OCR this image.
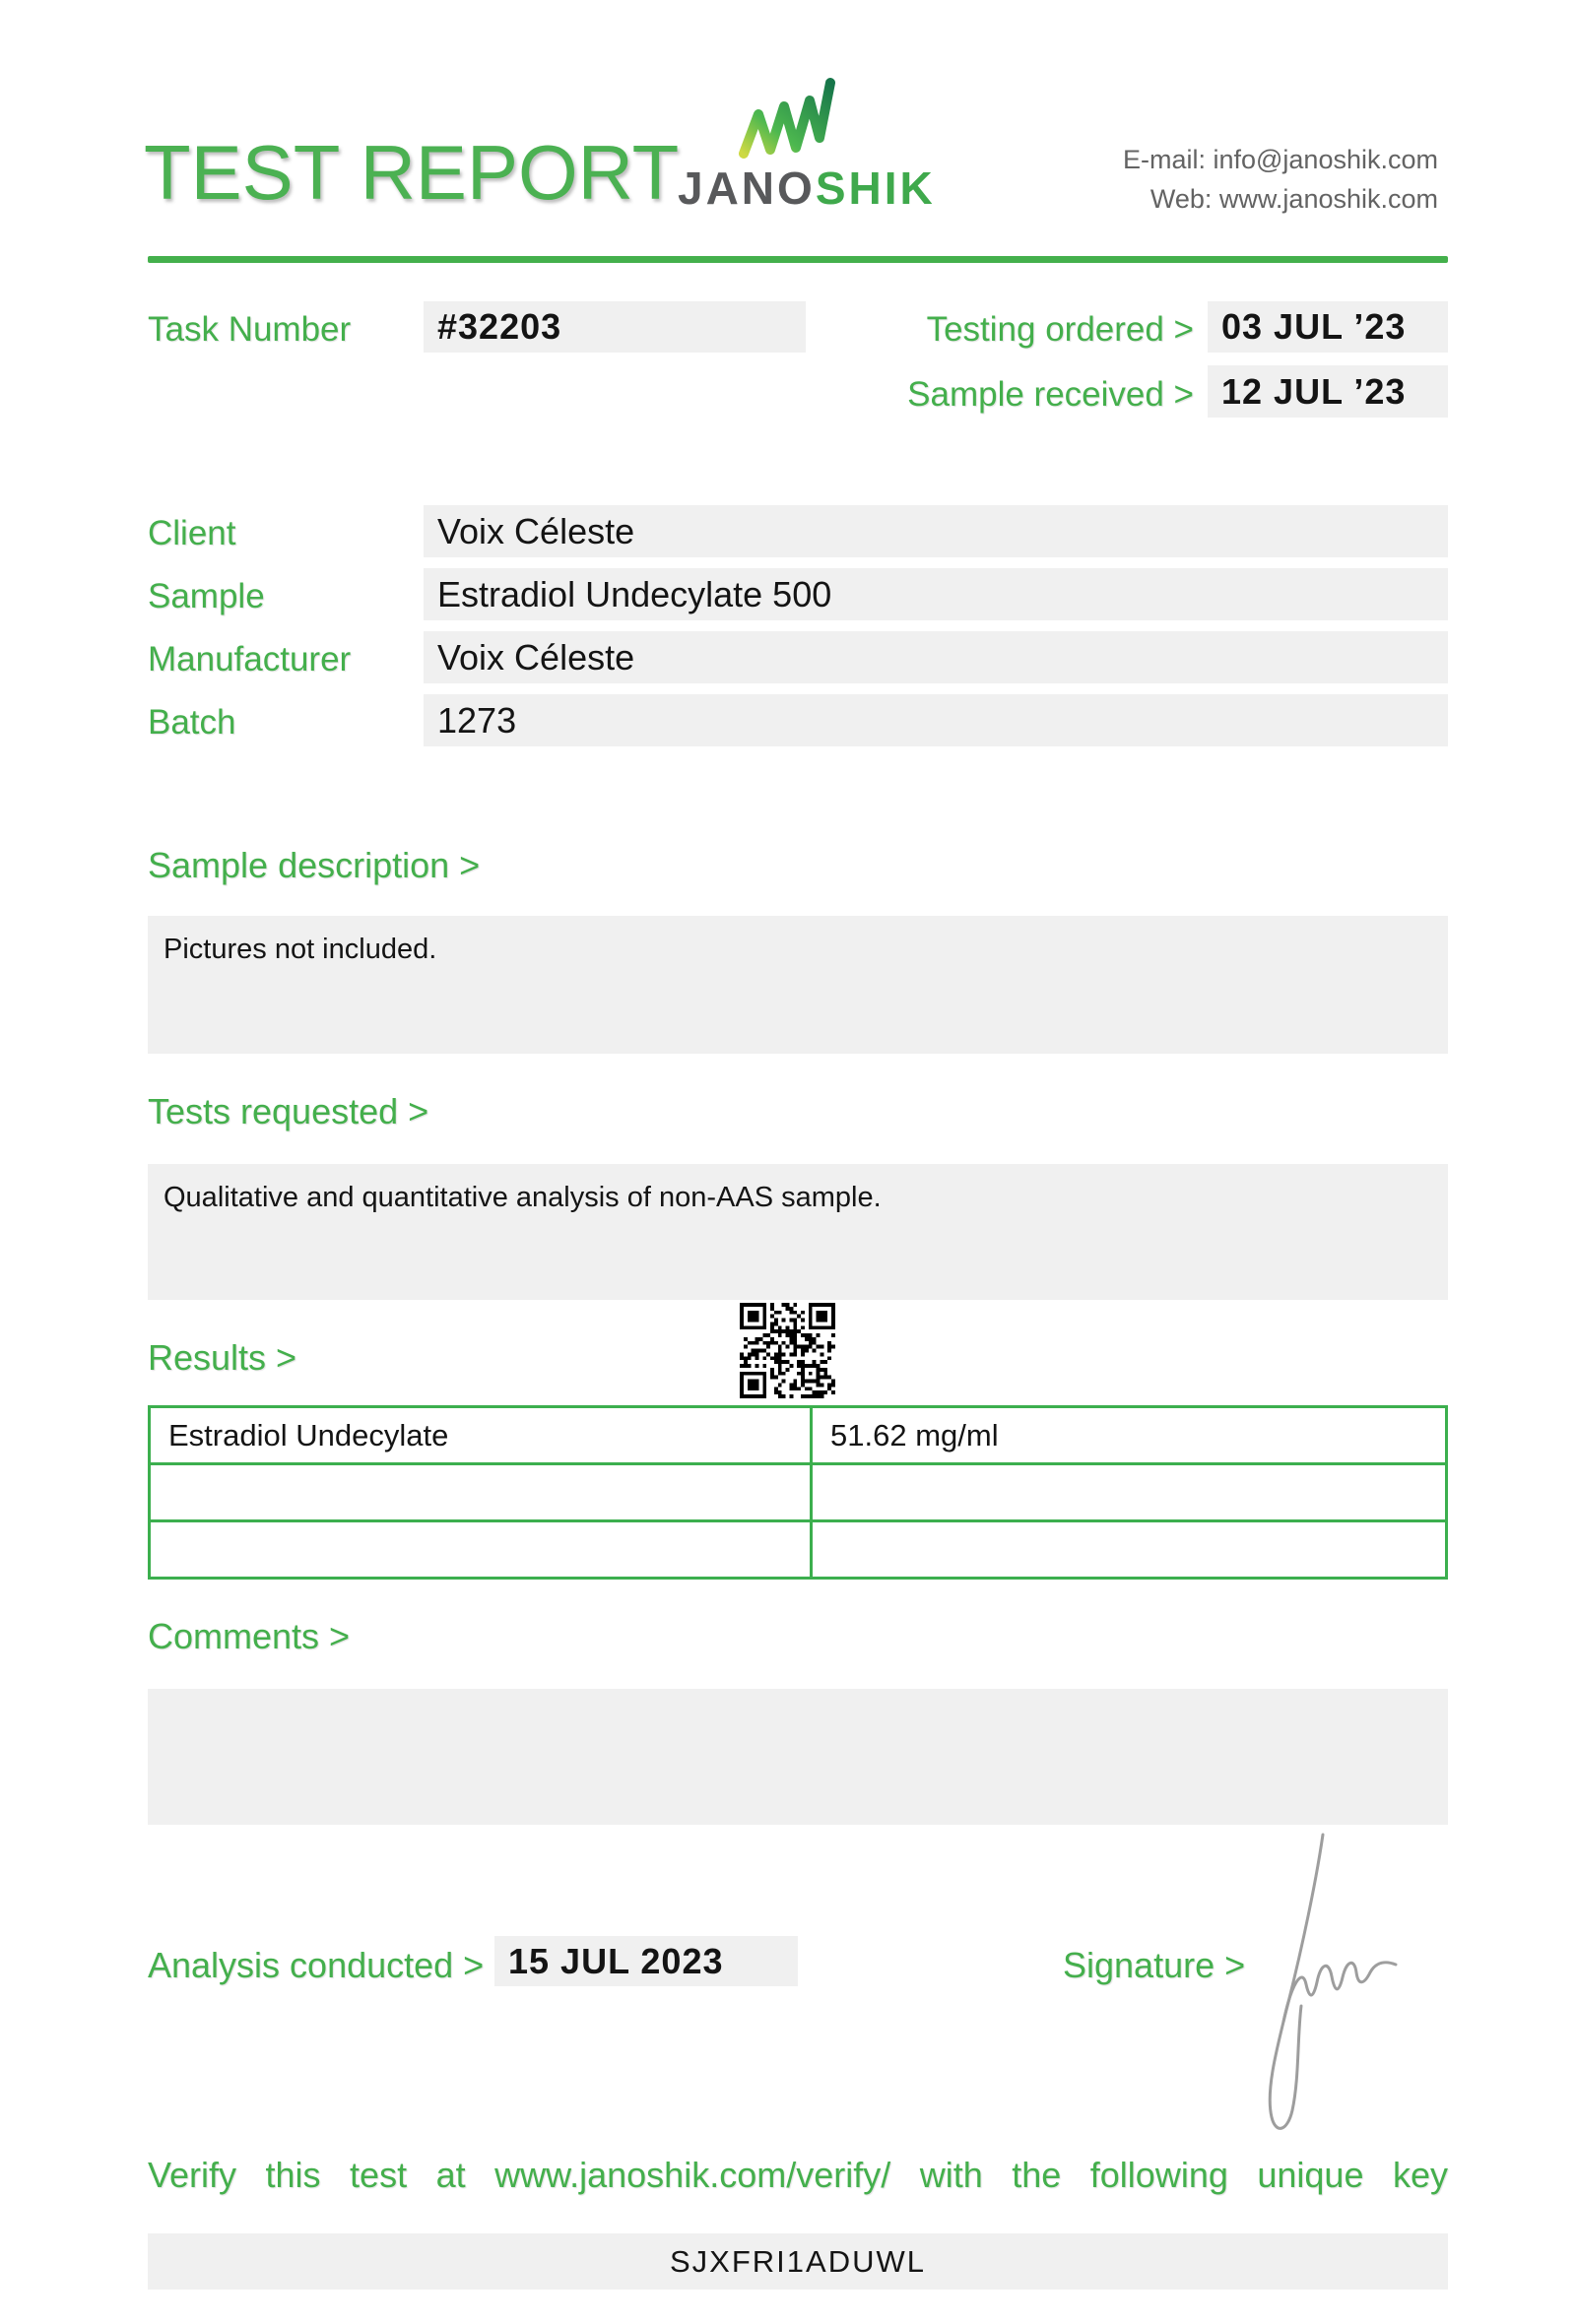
TEST REPORT
JANOSHIK
E-mail: info@janoshik.com
Web: www.janoshik.com
Task Number	#32203	Testing ordered > 03 JUL ’23
Sample received > 12 JUL ’23
Client	Voix Céleste
Sample	Estradiol Undecylate 500
Manufacturer	Voix Céleste
Batch	1273
Sample description >
Pictures not included.
Tests requested >
Qualitative and quantitative analysis of non-AAS sample.
Results >
Estradiol Undecylate	51.62 mg/ml

Comments >
Analysis conducted > 15 JUL 2023	Signature >
Verify this test at www.janoshik.com/verify/ with the following unique key
SJXFRI1ADUWL
